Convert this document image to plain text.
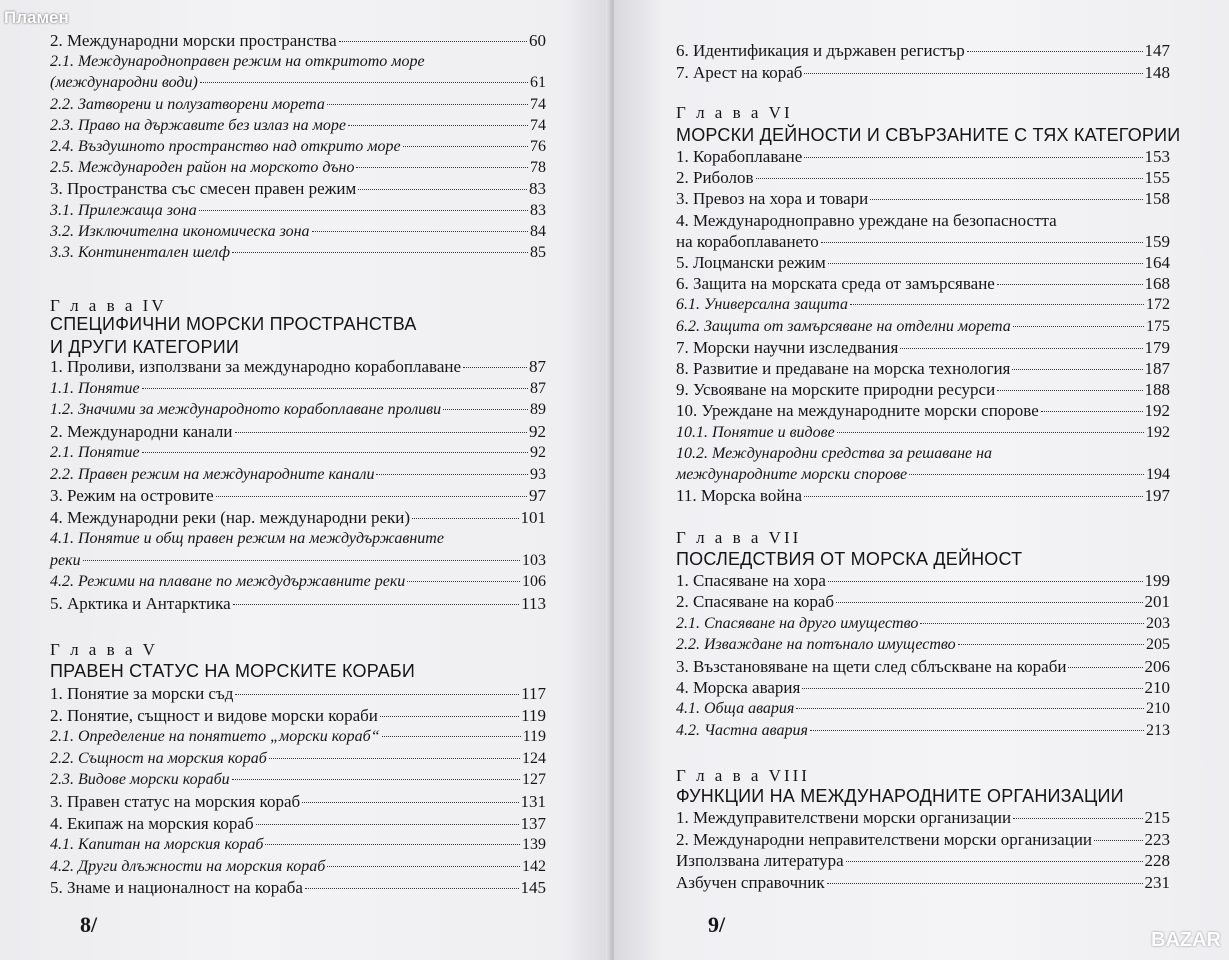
Пламен
2. Международни морски пространства	60
2.1. Международноправен режим на откритото море
(международни води)	61
2.2. Затворени и полузатворени морета	74
2.3. Право на държавите без излаз на море	74
2.4. Въздушното пространство над открито море	76
2.5. Международен район на морското дъно	78
3. Пространства със смесен правен режим	83
3.1. Прилежаща зона	83
3.2. Изключителна икономическа зона	84
3.3. Континентален шелф	85
Г л а в а IV
СПЕЦИФИЧНИ МОРСКИ ПРОСТРАНСТВА
И ДРУГИ КАТЕГОРИИ
1. Проливи, използвани за международно корабоплаване	87
1.1. Понятие	87
1.2. Значими за международното корабоплаване проливи	89
2. Международни канали	92
2.1. Понятие	92
2.2. Правен режим на международните канали	93
3. Режим на островите	97
4. Международни реки (нар. международни реки)	101
4.1. Понятие и общ правен режим на междудържавните
реки	103
4.2. Режими на плаване по междудържавните реки	106
5. Арктика и Антарктика	113
Г л а в а V
ПРАВЕН СТАТУС НА МОРСКИТЕ КОРАБИ
1. Понятие за морски съд	117
2. Понятие, същност и видове морски кораби	119
2.1. Определение на понятието „морски кораб“	119
2.2. Същност на морския кораб	124
2.3. Видове морски кораби	127
3. Правен статус на морския кораб	131
4. Екипаж на морския кораб	137
4.1. Капитан на морския кораб	139
4.2. Други длъжности на морския кораб	142
5. Знаме и националност на кораба	145
8/
6. Идентификация и държавен регистър	147
7. Арест на кораб	148
Г л а в а VI
МОРСКИ ДЕЙНОСТИ И СВЪРЗАНИТЕ С ТЯХ КАТЕГОРИИ
1. Корабоплаване	153
2. Риболов	155
3. Превоз на хора и товари	158
4. Международноправно уреждане на безопасността
на корабоплаването	159
5. Лоцмански режим	164
6. Защита на морската среда от замърсяване	168
6.1. Универсална защита	172
6.2. Защита от замърсяване на отделни морета	175
7. Морски научни изследвания	179
8. Развитие и предаване на морска технология	187
9. Усвояване на морските природни ресурси	188
10. Уреждане на международните морски спорове	192
10.1. Понятие и видове	192
10.2. Международни средства за решаване на
международните морски спорове	194
11. Морска война	197
Г л а в а VII
ПОСЛЕДСТВИЯ ОТ МОРСКА ДЕЙНОСТ
1. Спасяване на хора	199
2. Спасяване на кораб	201
2.1. Спасяване на друго имущество	203
2.2. Изваждане на потънало имущество	205
3. Възстановяване на щети след сблъскване на кораби	206
4. Морска авария	210
4.1. Обща авария	210
4.2. Частна авария	213
Г л а в а VIII
ФУНКЦИИ НА МЕЖДУНАРОДНИТЕ ОРГАНИЗАЦИИ
1. Междуправителствени морски организации	215
2. Международни неправителствени морски организации	223
Използвана литература	228
Азбучен справочник	231
9/
BAZAR
